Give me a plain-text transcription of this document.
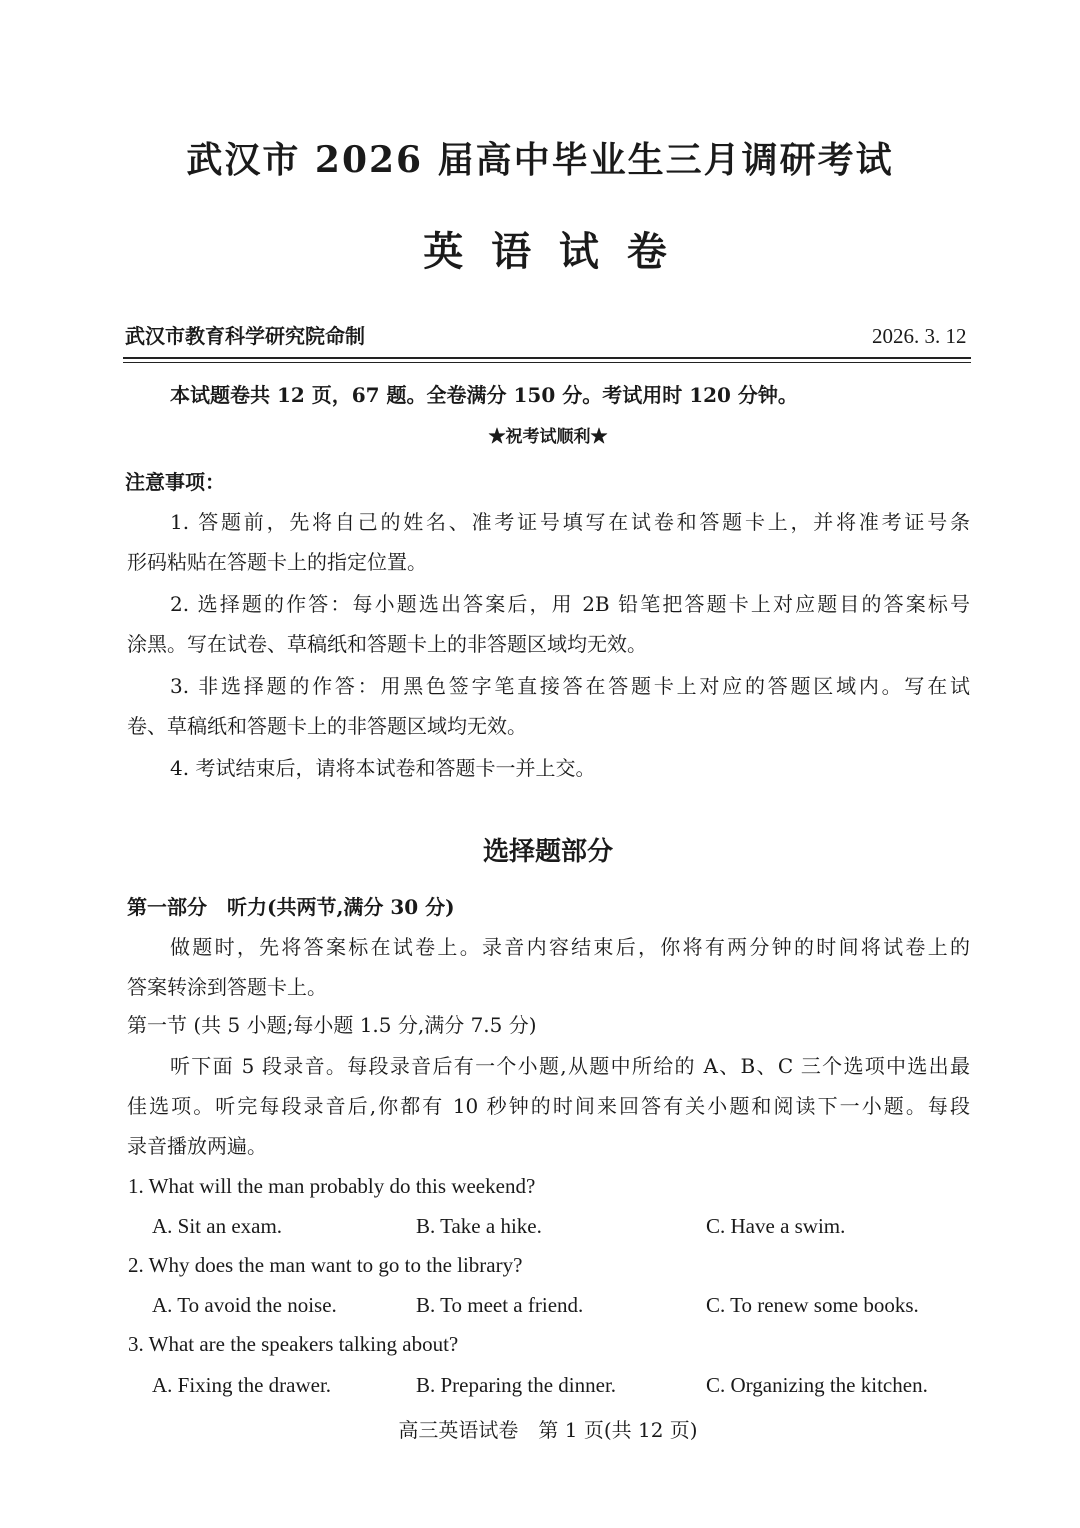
武汉市 2026 届高中毕业生三月调研考试
英  语  试  卷
武汉市教育科学研究院命制	2026. 3. 12
本试题卷共 12 页，67 题。全卷满分 150 分。考试用时 120 分钟。
★祝考试顺利★
注意事项：
1. 答题前，先将自己的姓名、准考证号填写在试卷和答题卡上，并将准考证号条
形码粘贴在答题卡上的指定位置。
2. 选择题的作答：每小题选出答案后，用 2B 铅笔把答题卡上对应题目的答案标号
涂黑。写在试卷、草稿纸和答题卡上的非答题区域均无效。
3. 非选择题的作答：用黑色签字笔直接答在答题卡上对应的答题区域内。写在试
卷、草稿纸和答题卡上的非答题区域均无效。
4. 考试结束后，请将本试卷和答题卡一并上交。
选择题部分
第一部分　听力(共两节,满分 30 分)
做题时，先将答案标在试卷上。录音内容结束后，你将有两分钟的时间将试卷上的
答案转涂到答题卡上。
第一节 (共 5 小题;每小题 1.5 分,满分 7.5 分)
听下面 5 段录音。每段录音后有一个小题,从题中所给的 A、B、C 三个选项中选出最
佳选项。听完每段录音后,你都有 10 秒钟的时间来回答有关小题和阅读下一小题。每段
录音播放两遍。
1. What will the man probably do this weekend?
A. Sit an exam.	B. Take a hike.	C. Have a swim.
2. Why does the man want to go to the library?
A. To avoid the noise.	B. To meet a friend.	C. To renew some books.
3. What are the speakers talking about?
A. Fixing the drawer.	B. Preparing the dinner.	C. Organizing the kitchen.
高三英语试卷　第 1 页(共 12 页)
